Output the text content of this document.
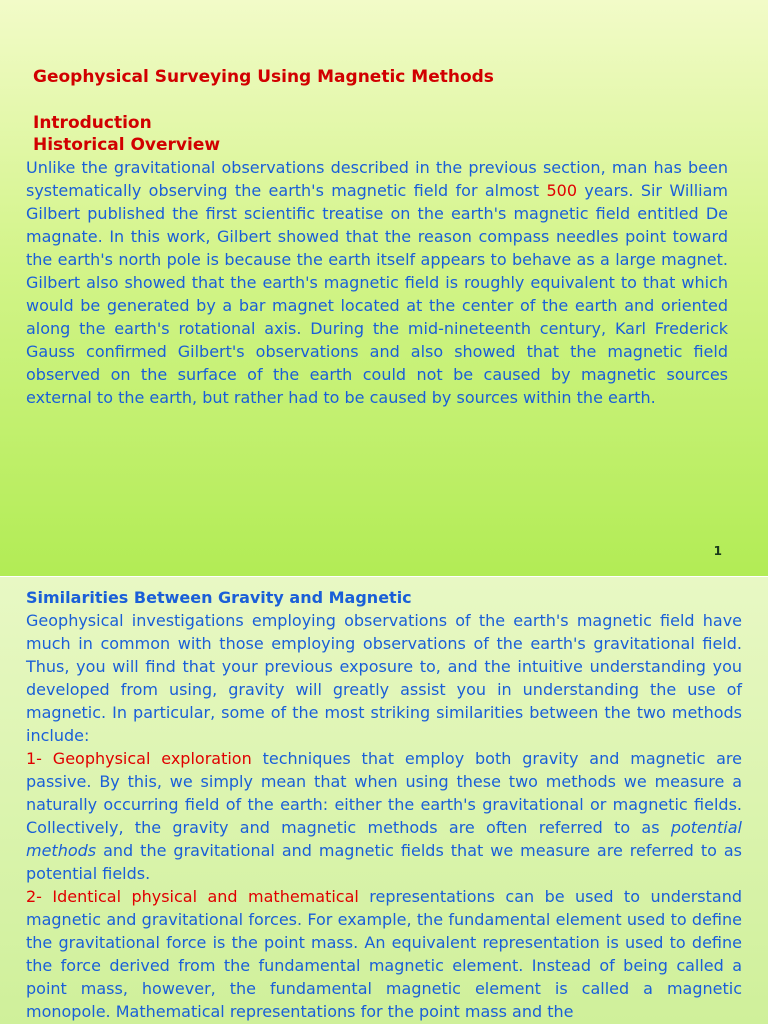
Geophysical Surveying Using Magnetic Methods

Introduction

Historical Overview

Unlike the gravitational observations described in the previous section, man has been systematically observing the earth's magnetic field for almost 500 years. Sir William Gilbert published the first scientific treatise on the earth's magnetic field entitled De magnate. In this work, Gilbert showed that the reason compass needles point toward the earth's north pole is because the earth itself appears to behave as a large magnet. Gilbert also showed that the earth's magnetic field is roughly equivalent to that which would be generated by a bar magnet located at the center of the earth and oriented along the earth's rotational axis. During the mid-nineteenth century, Karl Frederick Gauss confirmed Gilbert's observations and also showed that the magnetic field observed on the surface of the earth could not be caused by magnetic sources external to the earth, but rather had to be caused by sources within the earth.

1

Similarities Between Gravity and Magnetic

Geophysical investigations employing observations of the earth's magnetic field have much in common with those employing observations of the earth's gravitational field. Thus, you will find that your previous exposure to, and the intuitive understanding you developed from using, gravity will greatly assist you in understanding the use of magnetic. In particular, some of the most striking similarities between the two methods include:

1- Geophysical exploration techniques that employ both gravity and magnetic are passive. By this, we simply mean that when using these two methods we measure a naturally occurring field of the earth: either the earth's gravitational or magnetic fields. Collectively, the gravity and magnetic methods are often referred to as potential methods and the gravitational and magnetic fields that we measure are referred to as potential fields.

2- Identical physical and mathematical representations can be used to understand magnetic and gravitational forces. For example, the fundamental element used to define the gravitational force is the point mass. An equivalent representation is used to define the force derived from the fundamental magnetic element. Instead of being called a point mass, however, the fundamental magnetic element is called a magnetic monopole. Mathematical representations for the point mass and the
